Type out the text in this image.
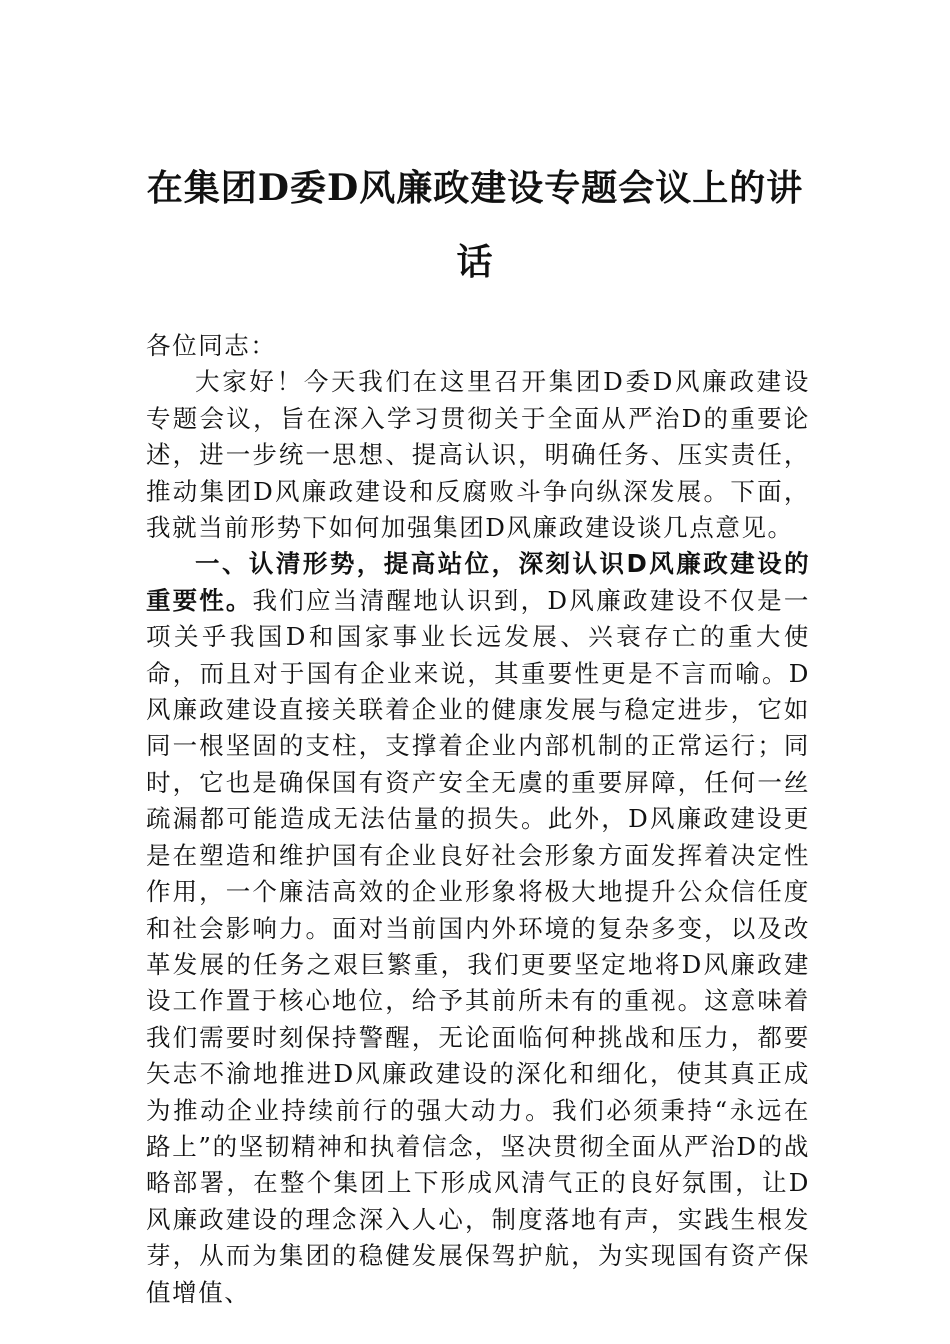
在集团D委D风廉政建设专题会议上的讲
话

各位同志：

大家好！今天我们在这里召开集团D委D风廉政建设专题会议，旨在深入学习贯彻关于全面从严治D的重要论述，进一步统一思想、提高认识，明确任务、压实责任，推动集团D风廉政建设和反腐败斗争向纵深发展。下面，我就当前形势下如何加强集团D风廉政建设谈几点意见。

一、认清形势，提高站位，深刻认识D风廉政建设的重要性。我们应当清醒地认识到，D风廉政建设不仅是一项关乎我国D和国家事业长远发展、兴衰存亡的重大使命，而且对于国有企业来说，其重要性更是不言而喻。D风廉政建设直接关联着企业的健康发展与稳定进步，它如同一根坚固的支柱，支撑着企业内部机制的正常运行；同时，它也是确保国有资产安全无虞的重要屏障，任何一丝疏漏都可能造成无法估量的损失。此外，D风廉政建设更是在塑造和维护国有企业良好社会形象方面发挥着决定性作用，一个廉洁高效的企业形象将极大地提升公众信任度和社会影响力。面对当前国内外环境的复杂多变，以及改革发展的任务之艰巨繁重，我们更要坚定地将D风廉政建设工作置于核心地位，给予其前所未有的重视。这意味着我们需要时刻保持警醒，无论面临何种挑战和压力，都要矢志不渝地推进D风廉政建设的深化和细化，使其真正成为推动企业持续前行的强大动力。我们必须秉持“永远在路上”的坚韧精神和执着信念，坚决贯彻全面从严治D的战略部署，在整个集团上下形成风清气正的良好氛围，让D风廉政建设的理念深入人心，制度落地有声，实践生根发芽，从而为集团的稳健发展保驾护航，为实现国有资产保值增值、
